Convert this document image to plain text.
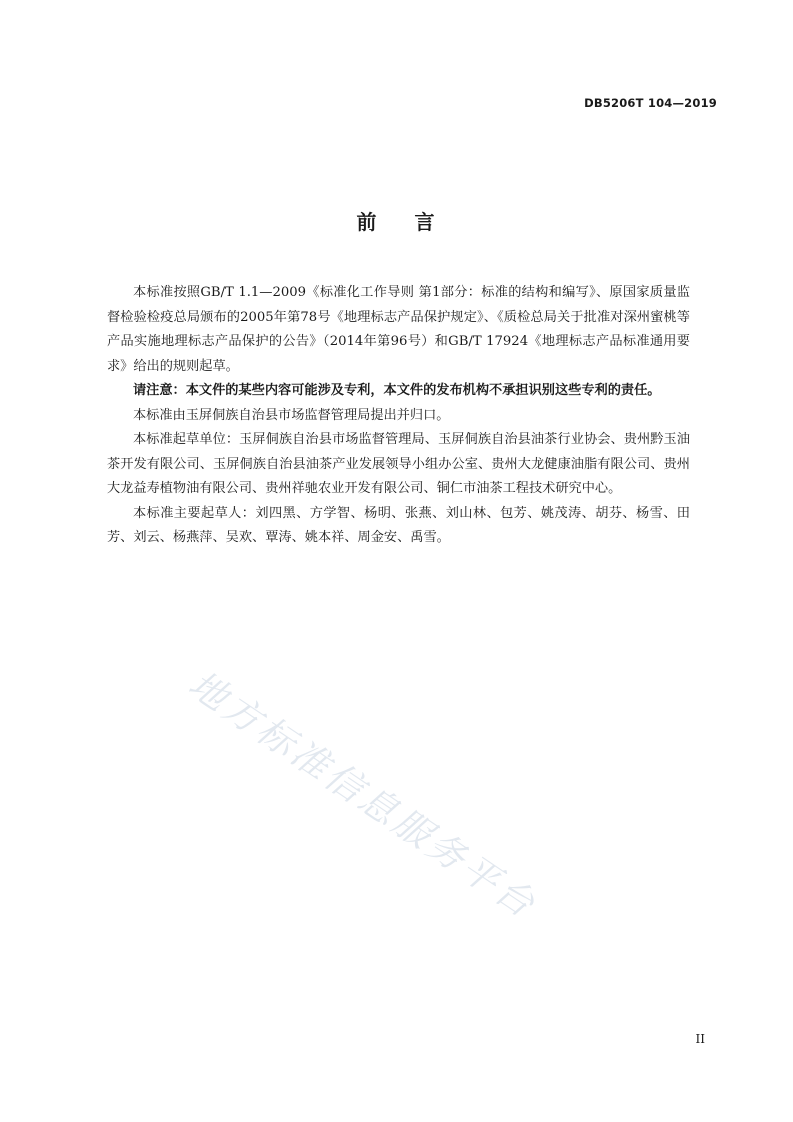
DB5206T 104—2019
前 言

本标准按照GB/T 1.1—2009《标准化工作导则 第1部分：标准的结构和编写》、原国家质量监督检验检疫总局颁布的2005年第78号《地理标志产品保护规定》、《质检总局关于批准对深州蜜桃等产品实施地理标志产品保护的公告》（2014年第96号）和GB/T 17924《地理标志产品标准通用要求》给出的规则起草。

请注意：本文件的某些内容可能涉及专利，本文件的发布机构不承担识别这些专利的责任。

本标准由玉屏侗族自治县市场监督管理局提出并归口。

本标准起草单位：玉屏侗族自治县市场监督管理局、玉屏侗族自治县油茶行业协会、贵州黔玉油茶开发有限公司、玉屏侗族自治县油茶产业发展领导小组办公室、贵州大龙健康油脂有限公司、贵州大龙益寿植物油有限公司、贵州祥驰农业开发有限公司、铜仁市油茶工程技术研究中心。

本标准主要起草人：刘四黑、方学智、杨明、张燕、刘山林、包芳、姚茂涛、胡芬、杨雪、田芳、刘云、杨燕萍、吴欢、覃涛、姚本祥、周金安、禹雪。

地方标准信息服务平台
II
